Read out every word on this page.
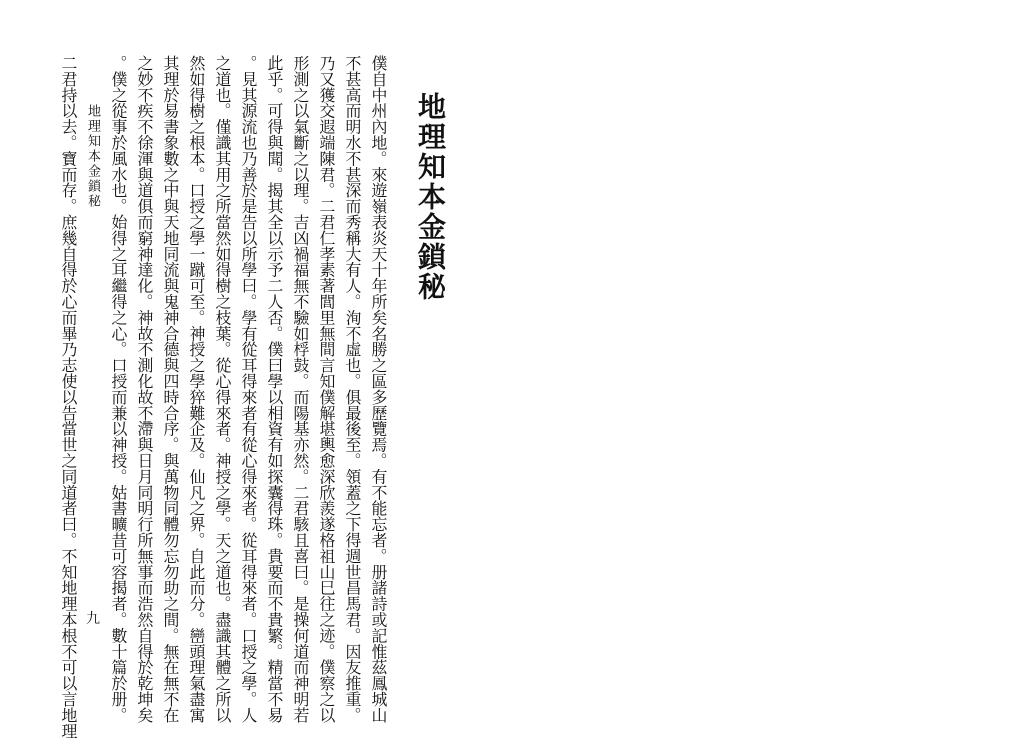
地理知本金鎖秘
僕自中州內地。來遊嶺表炎天十年所矣名勝之區多歷覽焉。有不能忘者。册諸詩或記惟茲鳳城山
不甚高而明水不甚深而秀稱大有人。洵不虛也。俱最後至。領蓋之下得週世昌馬君。因友推重。
乃又獲交遐端陳君。二君仁孝素著閭里無間言知僕解堪輿愈深欣羨遂格祖山巳往之迹。僕察之以
形測之以氣斷之以理。吉凶禍福無不驗如桴鼓。而陽基亦然。二君駭且喜曰。是操何道而神明若
此乎。可得與聞。揭其全以示予二人否。僕曰學以相資有如探囊得珠。貴要而不貴繁。精當不易
。見其源流也乃善於是告以所學曰。學有從耳得來者有從心得來者。從耳得來者。口授之學。人
之道也。僅識其用之所當然如得樹之枝葉。從心得來者。神授之學。天之道也。盡識其體之所以
然如得樹之根本。口授之學一蹴可至。神授之學猝難企及。仙凡之界。自此而分。巒頭理氣盡寓
其理於易書象數之中與天地同流與鬼神合德與四時合序。與萬物同體勿忘勿助之間。無在無不在
之妙不疾不徐渾與道俱而窮神達化。神故不測化故不滯與日月同明行所無事而浩然自得於乾坤矣
。僕之從事於風水也。始得之耳繼得之心。口授而兼以神授。姑書曠昔可容揭者。數十篇於册。
二君持以去。寶而存。庶幾自得於心而畢乃志使以告當世之同道者曰。不知地理本根不可以言地理 地理知本金鎖秘
九
